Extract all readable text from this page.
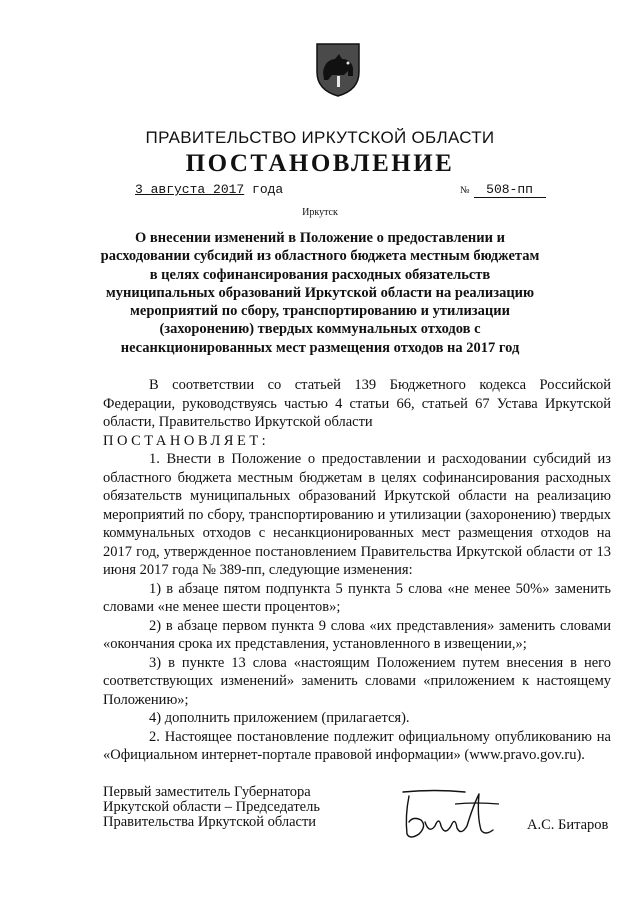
ПРАВИТЕЛЬСТВО ИРКУТСКОЙ ОБЛАСТИ
ПОСТАНОВЛЕНИЕ
3 августа 2017 года	№ 508-пп
Иркутск
О внесении изменений в Положение о предоставлении и расходовании субсидий из областного бюджета местным бюджетам в целях софинансирования расходных обязательств муниципальных образований Иркутской области на реализацию мероприятий по сбору, транспортированию и утилизации (захоронению) твердых коммунальных отходов с несанкционированных мест размещения отходов на 2017 год

В соответствии со статьей 139 Бюджетного кодекса Российской Федерации, руководствуясь частью 4 статьи 66, статьей 67 Устава Иркутской области, Правительство Иркутской области

ПОСТАНОВЛЯЕТ:

1. Внести в Положение о предоставлении и расходовании субсидий из областного бюджета местным бюджетам в целях софинансирования расходных обязательств муниципальных образований Иркутской области на реализацию мероприятий по сбору, транспортированию и утилизации (захоронению) твердых коммунальных отходов с несанкционированных мест размещения отходов на 2017 год, утвержденное постановлением Правительства Иркутской области от 13 июня 2017 года № 389-пп, следующие изменения:

1) в абзаце пятом подпункта 5 пункта 5 слова «не менее 50%» заменить словами «не менее шести процентов»;

2) в абзаце первом пункта 9 слова «их представления» заменить словами «окончания срока их представления, установленного в извещении,»;

3) в пункте 13 слова «настоящим Положением путем внесения в него соответствующих изменений» заменить словами «приложением к настоящему Положению»;

4) дополнить приложением (прилагается).

2. Настоящее постановление подлежит официальному опубликованию на «Официальном интернет-портале правовой информации» (www.pravo.gov.ru).

Первый заместитель Губернатора
Иркутской области – Председатель
Правительства Иркутской области	А.С. Битаров
